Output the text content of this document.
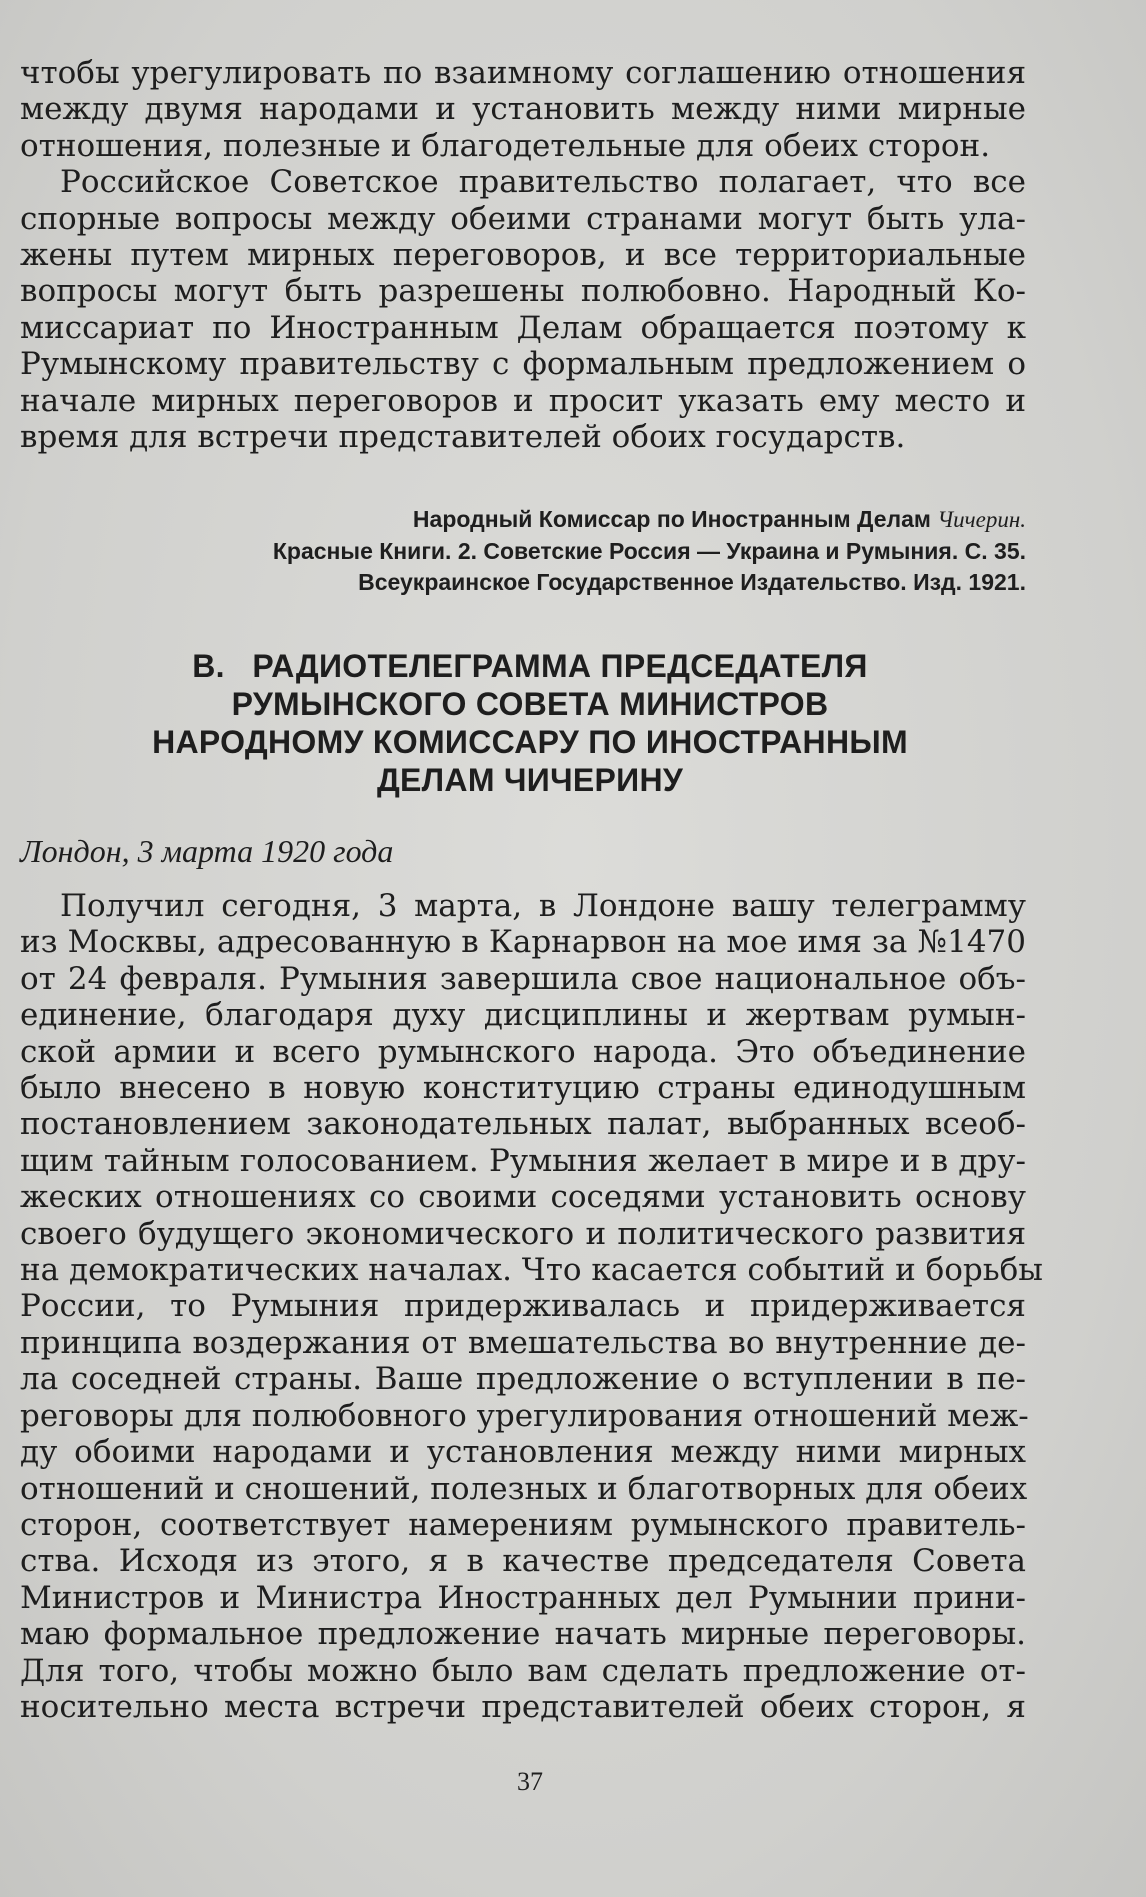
чтобы урегулировать по взаимному соглашению отношения
между двумя народами и установить между ними мирные
отношения, полезные и благодетельные для обеих сторон.
Российское Советское правительство полагает, что все
спорные вопросы между обеими странами могут быть ула-
жены путем мирных переговоров, и все территориальные
вопросы могут быть разрешены полюбовно. Народный Ко-
миссариат по Иностранным Делам обращается поэтому к
Румынскому правительству с формальным предложением о
начале мирных переговоров и просит указать ему место и
время для встречи представителей обоих государств.
Народный Комиссар по Иностранным Делам Чичерин.
Красные Книги. 2. Советские Россия — Украина и Румыния. С. 35.
Всеукраинское Государственное Издательство. Изд. 1921.
В.   РАДИОТЕЛЕГРАММА ПРЕДСЕДАТЕЛЯ
РУМЫНСКОГО СОВЕТА МИНИСТРОВ
НАРОДНОМУ КОМИССАРУ ПО ИНОСТРАННЫМ
ДЕЛАМ ЧИЧЕРИНУ
Лондон, 3 марта 1920 года
Получил сегодня, 3 марта, в Лондоне вашу телеграмму
из Москвы, адресованную в Карнарвон на мое имя за №1470
от 24 февраля. Румыния завершила свое национальное объ-
единение, благодаря духу дисциплины и жертвам румын-
ской армии и всего румынского народа. Это объединение
было внесено в новую конституцию страны единодушным
постановлением законодательных палат, выбранных всеоб-
щим тайным голосованием. Румыния желает в мире и в дру-
жеских отношениях со своими соседями установить основу
своего будущего экономического и политического развития
на демократических началах. Что касается событий и борьбы
России, то Румыния придерживалась и придерживается
принципа воздержания от вмешательства во внутренние де-
ла соседней страны. Ваше предложение о вступлении в пе-
реговоры для полюбовного урегулирования отношений меж-
ду обоими народами и установления между ними мирных
отношений и сношений, полезных и благотворных для обеих
сторон, соответствует намерениям румынского правитель-
ства. Исходя из этого, я в качестве председателя Совета
Министров и Министра Иностранных дел Румынии прини-
маю формальное предложение начать мирные переговоры.
Для того, чтобы можно было вам сделать предложение от-
носительно места встречи представителей обеих сторон, я
37
